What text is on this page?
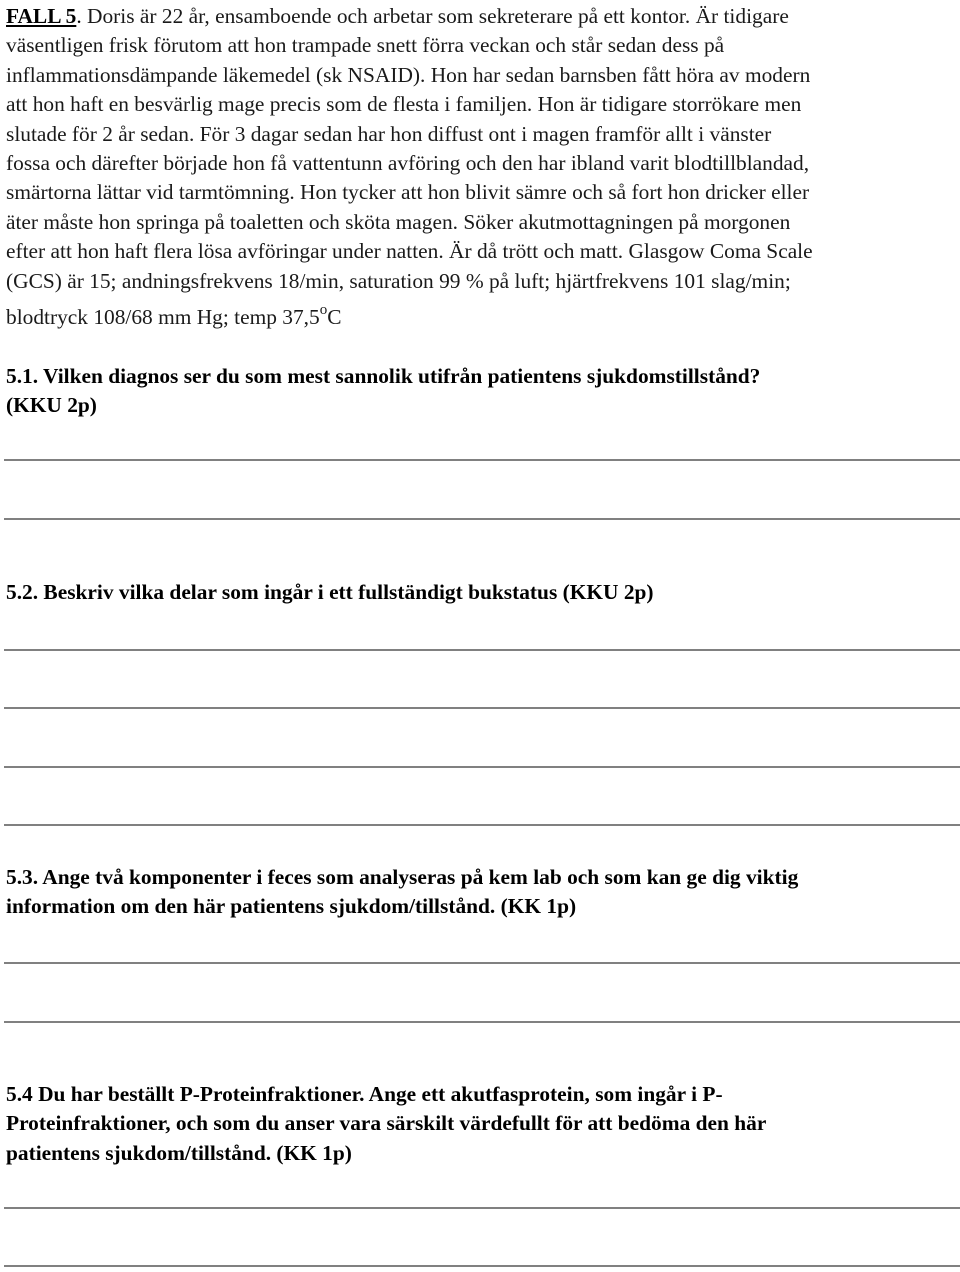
FALL 5. Doris är 22 år, ensamboende och arbetar som sekreterare på ett kontor. Är tidigare
väsentligen frisk förutom att hon trampade snett förra veckan och står sedan dess på
inflammationsdämpande läkemedel (sk NSAID). Hon har sedan barnsben fått höra av modern
att hon haft en besvärlig mage precis som de flesta i familjen. Hon är tidigare storrökare men
slutade för 2 år sedan. För 3 dagar sedan har hon diffust ont i magen framför allt i vänster
fossa och därefter började hon få vattentunn avföring och den har ibland varit blodtillblandad,
smärtorna lättar vid tarmtömning. Hon tycker att hon blivit sämre och så fort hon dricker eller
äter måste hon springa på toaletten och sköta magen. Söker akutmottagningen på morgonen
efter att hon haft flera lösa avföringar under natten. Är då trött och matt. Glasgow Coma Scale
(GCS) är 15; andningsfrekvens 18/min, saturation 99 % på luft; hjärtfrekvens 101 slag/min;
blodtryck 108/68 mm Hg; temp 37,5$^o$C
5.1. Vilken diagnos ser du som mest sannolik utifrån patientens sjukdomstillstånd?
(KKU 2p)
5.2. Beskriv vilka delar som ingår i ett fullständigt bukstatus (KKU 2p)
5.3. Ange två komponenter i feces som analyseras på kem lab och som kan ge dig viktig
information om den här patientens sjukdom/tillstånd. (KK 1p)
5.4 Du har beställt P-Proteinfraktioner. Ange ett akutfasprotein, som ingår i P-
Proteinfraktioner, och som du anser vara särskilt värdefullt för att bedöma den här
patientens sjukdom/tillstånd. (KK 1p)
